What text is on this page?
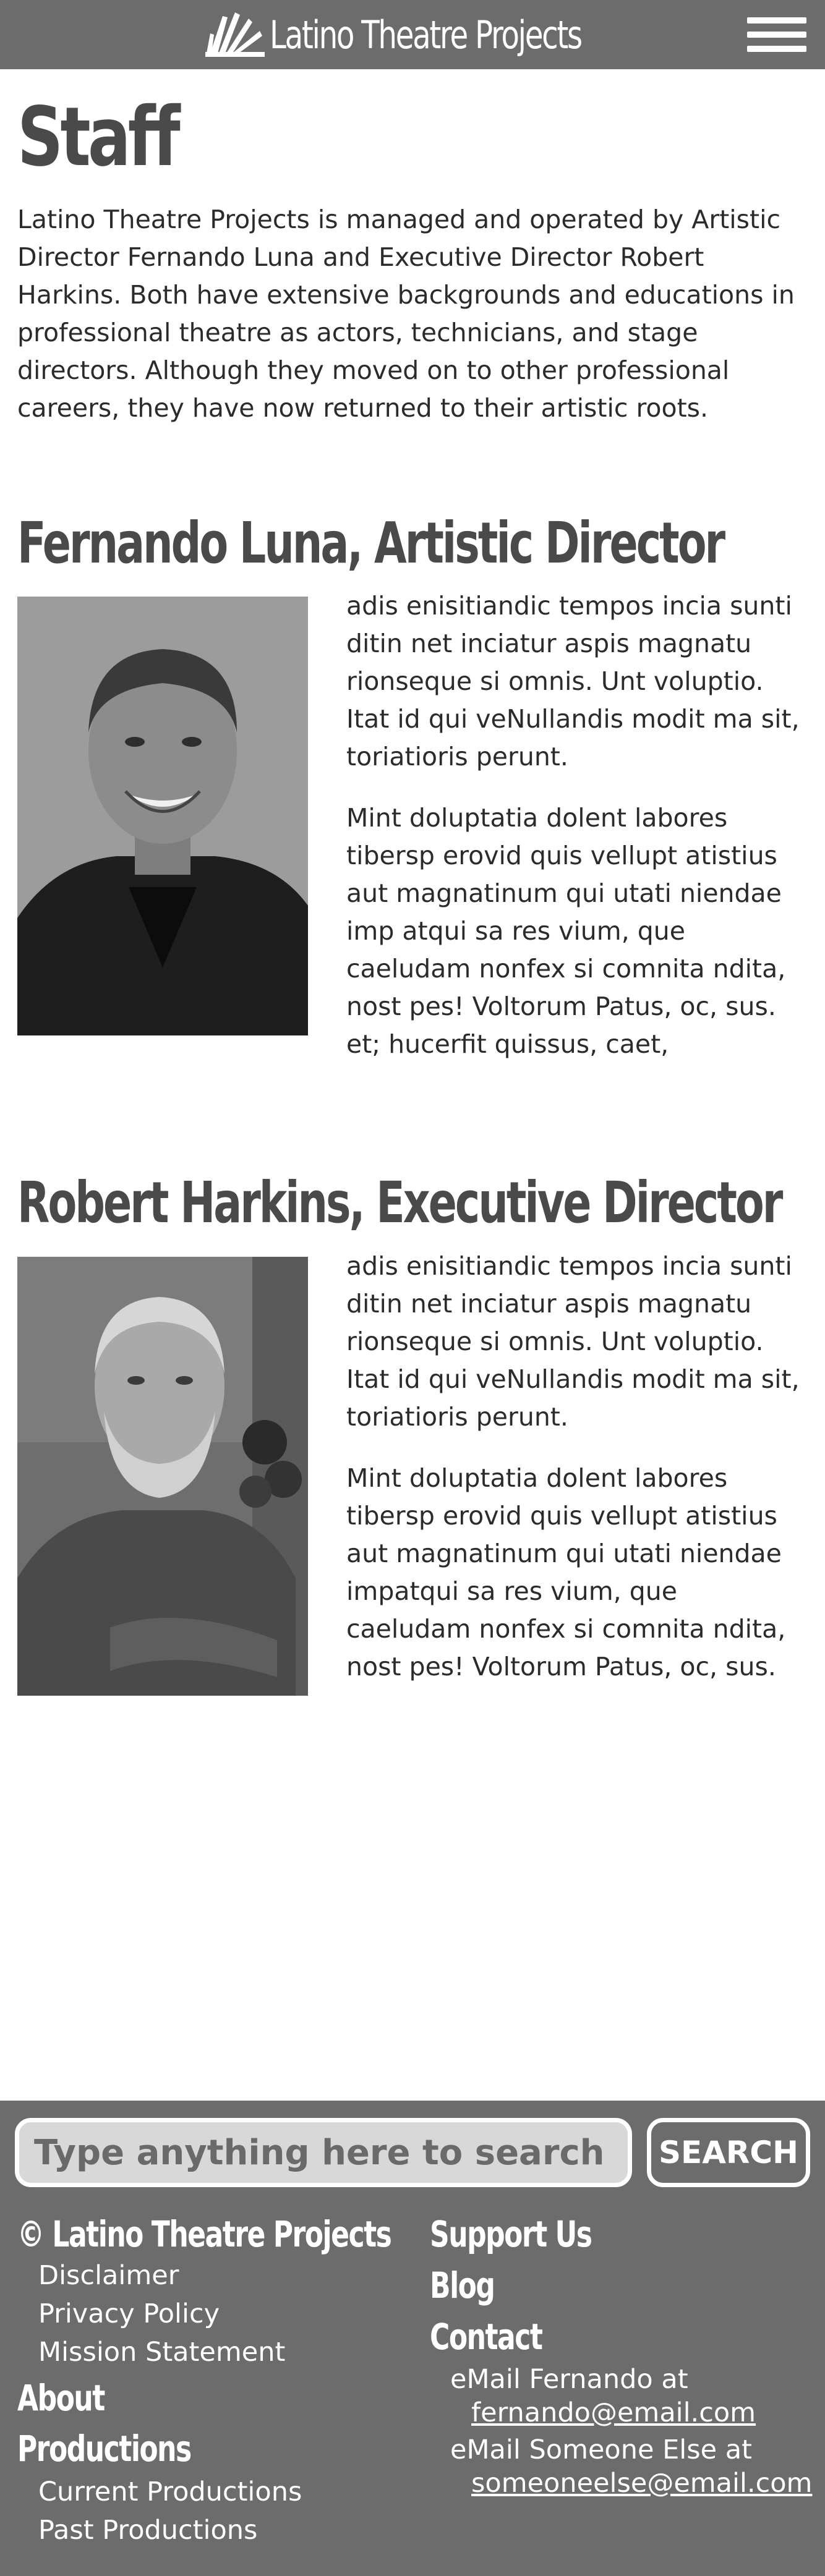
Latino Theatre Projects
Staff

Latino Theatre Projects is managed and operated by Artistic Director Fernando Luna and Executive Director Robert Harkins. Both have extensive backgrounds and educations in professional theatre as actors, technicians, and stage directors. Although they moved on to other professional careers, they have now returned to their artistic roots.

Fernando Luna, Artistic Director

adis enisitiandic tempos incia sunti ditin net inciatur aspis magnatu rionseque si omnis. Unt voluptio. Itat id qui veNullandis modit ma sit, toriatioris perunt.

Mint doluptatia dolent labores tibersp erovid quis vellupt atistius aut magnatinum qui utati niendae imp atqui sa res vium, que caeludam nonfex si comnita ndita, nost pes! Voltorum Patus, oc, sus. et; hucerfit quissus, caet,

Robert Harkins, Executive Director

adis enisitiandic tempos incia sunti ditin net inciatur aspis magnatu rionseque si omnis. Unt voluptio. Itat id qui veNullandis modit ma sit, toriatioris perunt.

Mint doluptatia dolent labores tibersp erovid quis vellupt atistius aut magnatinum qui utati niendae impatqui sa res vium, que caeludam nonfex si comnita ndita, nost pes! Voltorum Patus, oc, sus.

Type anything here to search this site...
SEARCH
© Latino Theatre Projects
Disclaimer
Privacy Policy
Mission Statement
About
Productions
Current Productions
Past Productions
Support Us
Blog
Contact
eMail Fernando at
fernando@email.com
eMail Someone Else at
someoneelse@email.com
